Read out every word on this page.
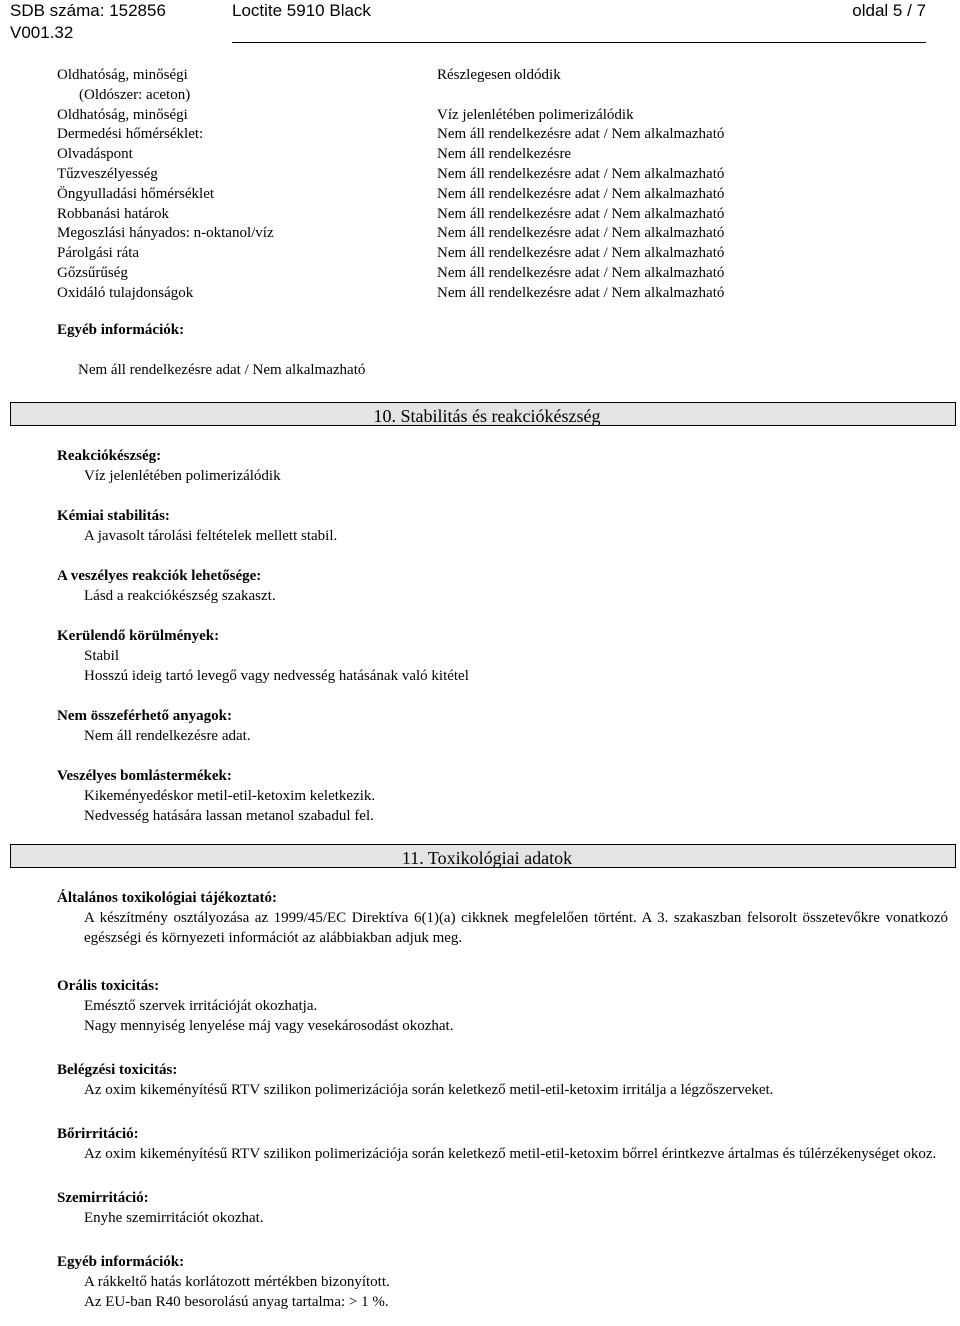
SDB száma: 152856
V001.32
Loctite 5910 Black	oldal 5 / 7
Oldhatóság, minőségi	Részlegesen oldódik
(Oldószer: aceton)
Oldhatóság, minőségi	Víz jelenlétében polimerizálódik
Dermedési hőmérséklet:	Nem áll rendelkezésre adat / Nem alkalmazható
Olvadáspont	Nem áll rendelkezésre
Tűzveszélyesség	Nem áll rendelkezésre adat / Nem alkalmazható
Öngyulladási hőmérséklet	Nem áll rendelkezésre adat / Nem alkalmazható
Robbanási határok	Nem áll rendelkezésre adat / Nem alkalmazható
Megoszlási hányados: n-oktanol/víz	Nem áll rendelkezésre adat / Nem alkalmazható
Párolgási ráta	Nem áll rendelkezésre adat / Nem alkalmazható
Gőzsűrűség	Nem áll rendelkezésre adat / Nem alkalmazható
Oxidáló tulajdonságok	Nem áll rendelkezésre adat / Nem alkalmazható
Egyéb információk:
Nem áll rendelkezésre adat / Nem alkalmazható
10. Stabilitás és reakciókészség
Reakciókészség:
Víz jelenlétében polimerizálódik
Kémiai stabilitás:
A javasolt tárolási feltételek mellett stabil.
A veszélyes reakciók lehetősége:
Lásd a reakciókészség szakaszt.
Kerülendő körülmények:
Stabil
Hosszú ideig tartó levegő vagy nedvesség hatásának való kitétel
Nem összeférhető anyagok:
Nem áll rendelkezésre adat.
Veszélyes bomlástermékek:
Kikeményedéskor metil-etil-ketoxim keletkezik.
Nedvesség hatására lassan metanol szabadul fel.
11. Toxikológiai adatok
Általános toxikológiai tájékoztató:
A készítmény osztályozása az 1999/45/EC Direktíva 6(1)(a) cikknek megfelelően történt. A 3. szakaszban felsorolt összetevőkre vonatkozó egészségi és környezeti információt az alábbiakban adjuk meg.
Orális toxicitás:
Emésztő szervek irritációját okozhatja.
Nagy mennyiség lenyelése máj vagy vesekárosodást okozhat.
Belégzési toxicitás:
Az oxim kikeményítésű RTV szilikon polimerizációja során keletkező metil-etil-ketoxim irritálja a légzőszerveket.
Bőrirritáció:
Az oxim kikeményítésű RTV szilikon polimerizációja során keletkező metil-etil-ketoxim bőrrel érintkezve ártalmas és túlérzékenységet okoz.
Szemirritáció:
Enyhe szemirritációt okozhat.
Egyéb információk:
A rákkeltő hatás korlátozott mértékben bizonyított.
Az EU-ban R40 besorolású anyag tartalma: > 1 %.
